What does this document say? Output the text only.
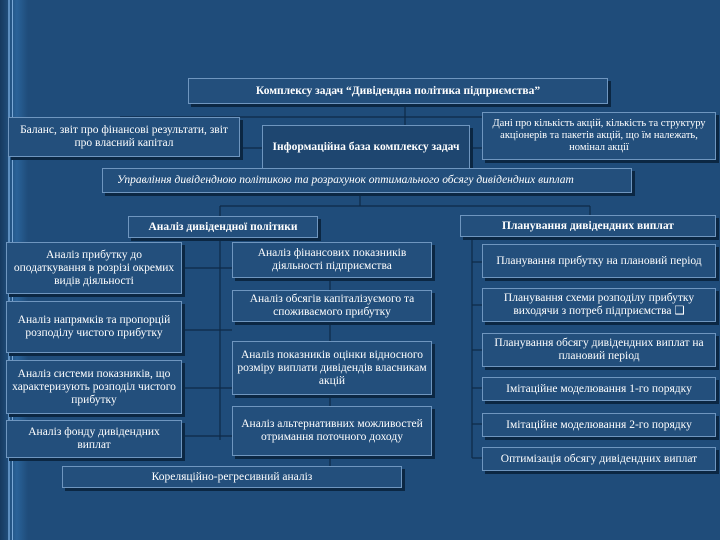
Комплексу задач “Дивідендна політика підприємства”
Баланс, звіт про фінансові результати, звіт про власний капітал	Інформаційна база комплексу задач
Дані про кількість акцій, кількість та структуру акціонерів та пакетів акцій, що їм належать, номінал акції
Управління дивідендною політикою та розрахунок оптимального обсягу дивідендних виплат
Аналіз дивідендної політики
Аналіз прибутку до оподаткування в розрізі окремих видів діяльності
Аналіз напрямків та пропорцій розподілу чистого прибутку
Аналіз системи показників, що характеризують розподіл чистого прибутку
Аналіз фонду дивідендних виплат
Аналіз фінансових показників діяльності підприємства
Аналіз обсягів капіталізуємого та споживаємого прибутку
Аналіз показників оцінки відносного розміру виплати дивідендів власникам акцій
Аналіз альтернативних можливостей отримання поточного доходу
Кореляційно-регресивний аналіз
Планування дивідендних виплат
Планування прибутку на плановий період
Планування схеми розподілу прибутку виходячи з потреб підприємства ❑
Планування обсягу дивідендних виплат на плановий період
Імітаційне моделювання 1-го порядку
Імітаційне моделювання 2-го порядку
Оптимізація обсягу дивідендних виплат
